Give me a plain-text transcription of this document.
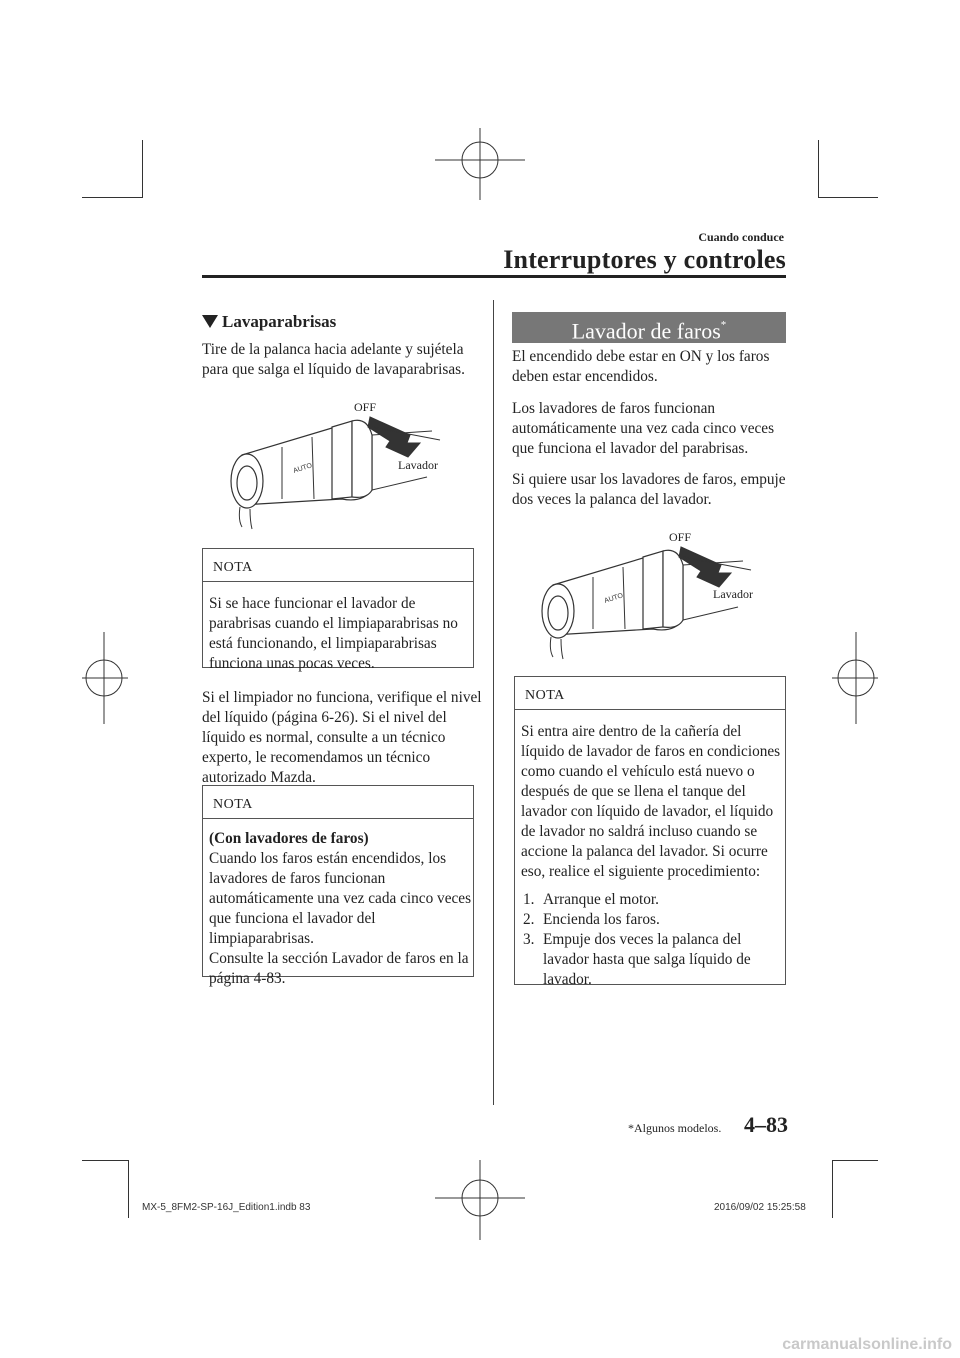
Cuando conduce
Interruptores y controles
Lavaparabrisas
Tire de la palanca hacia adelante y sujétela para que salga el líquido de lavaparabrisas.
AUTO
OFF
Lavador
NOTA
Si se hace funcionar el lavador de parabrisas cuando el limpiaparabrisas no está funcionando, el limpiaparabrisas funciona unas pocas veces.
Si el limpiador no funciona, verifique el nivel del líquido (página 6-26). Si el nivel del líquido es normal, consulte a un técnico experto, le recomendamos un técnico autorizado Mazda.
NOTA
(Con lavadores de faros)
Cuando los faros están encendidos, los lavadores de faros funcionan automáticamente una vez cada cinco veces que funciona el lavador del limpiaparabrisas.
Consulte la sección Lavador de faros en la página 4-83.
Lavador de faros*
El encendido debe estar en ON y los faros deben estar encendidos.
Los lavadores de faros funcionan automáticamente una vez cada cinco veces que funciona el lavador del parabrisas.
Si quiere usar los lavadores de faros, empuje dos veces la palanca del lavador.
AUTO
OFF
Lavador
NOTA
Si entra aire dentro de la cañería del líquido de lavador de faros en condiciones como cuando el vehículo está nuevo o después de que se llena el tanque del lavador con líquido de lavador, el líquido de lavador no saldrá incluso cuando se accione la palanca del lavador. Si ocurre eso, realice el siguiente procedimiento:
1. Arranque el motor.
2. Encienda los faros.
3. Empuje dos veces la palanca del lavador hasta que salga líquido de lavador.
*Algunos modelos. 4–83
MX-5_8FM2-SP-16J_Edition1.indb 83	2016/09/02 15:25:58
carmanualsonline.info
